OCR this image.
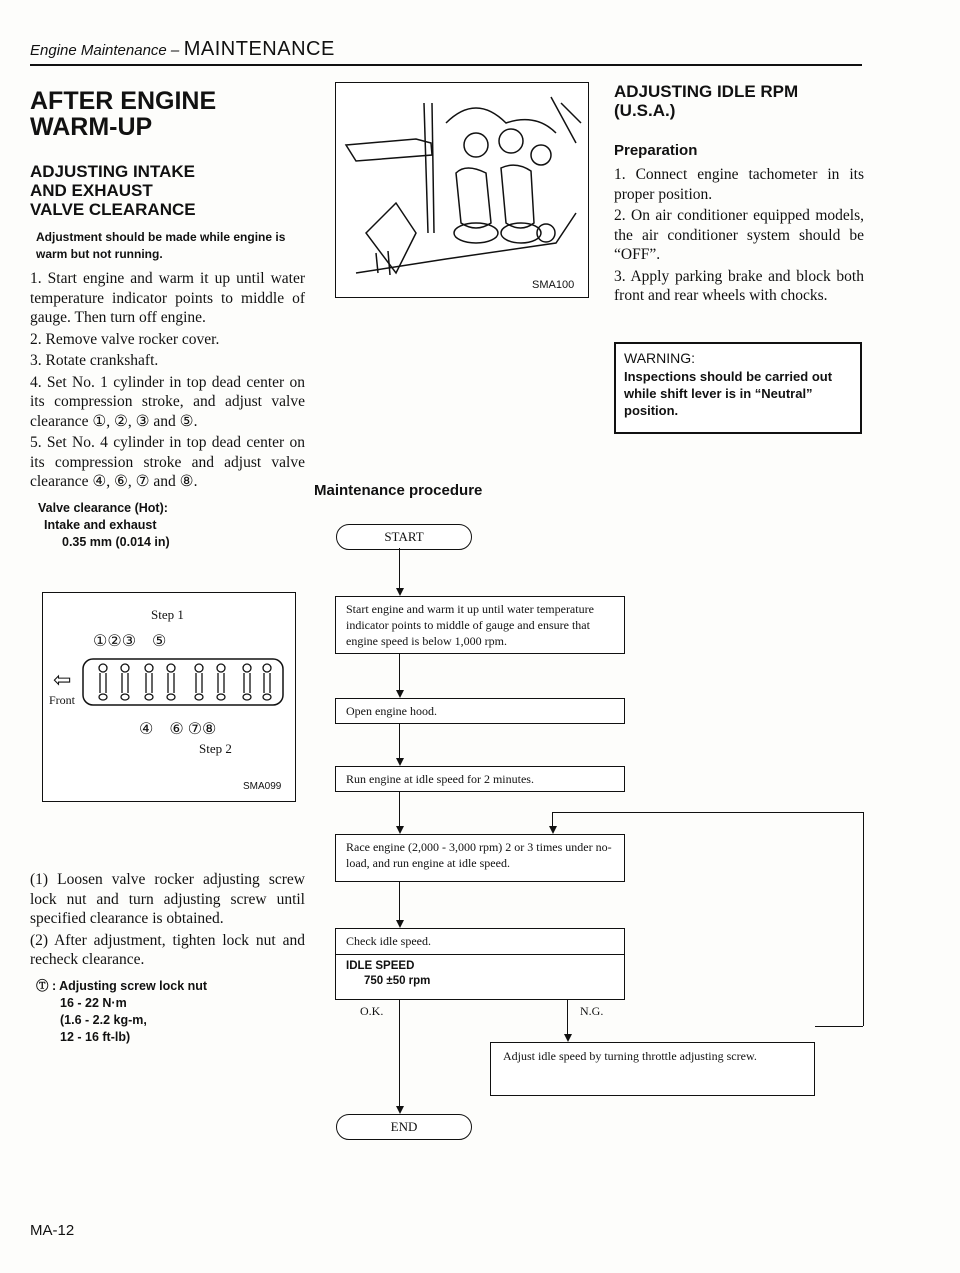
Engine Maintenance – MAINTENANCE
AFTER ENGINE
WARM-UP
ADJUSTING INTAKE
AND EXHAUST
VALVE CLEARANCE
Adjustment should be made while engine is warm but not running.

1. Start engine and warm it up until water temperature indicator points to middle of gauge. Then turn off engine.

2. Remove valve rocker cover.

3. Rotate crankshaft.

4. Set No. 1 cylinder in top dead center on its compression stroke, and adjust valve clearance ①, ②, ③ and ⑤.

5. Set No. 4 cylinder in top dead center on its compression stroke and adjust valve clearance ④, ⑥, ⑦ and ⑧.

Valve clearance (Hot):
Intake and exhaust
0.35 mm (0.014 in)
Step 1
①②③    ⑤
⇦
Front
④    ⑥ ⑦⑧
Step 2
SMA099

(1) Loosen valve rocker adjusting screw lock nut and turn adjusting screw until specified clearance is obtained.

(2) After adjustment, tighten lock nut and recheck clearance.

Ⓣ : Adjusting screw lock nut
16 - 22 N·m
(1.6 - 2.2 kg-m,
12 - 16 ft-lb)
SMA100
Maintenance procedure
START
Start engine and warm it up until water temperature indicator points to middle of gauge and ensure that engine speed is below 1,000 rpm.
Open engine hood.
Run engine at idle speed for 2 minutes.
Race engine (2,000 - 3,000 rpm) 2 or 3 times under no-load, and run engine at idle speed.
Check idle speed.
IDLE SPEED
750 ±50 rpm
O.K.	N.G.
Adjust idle speed by turning throttle adjusting screw.
END
ADJUSTING IDLE RPM
(U.S.A.)
Preparation

1. Connect engine tachometer in its proper position.

2. On air conditioner equipped models, the air conditioner system should be “OFF”.

3. Apply parking brake and block both front and rear wheels with chocks.

WARNING:
Inspections should be carried out while shift lever is in “Neutral” position.
MA-12
